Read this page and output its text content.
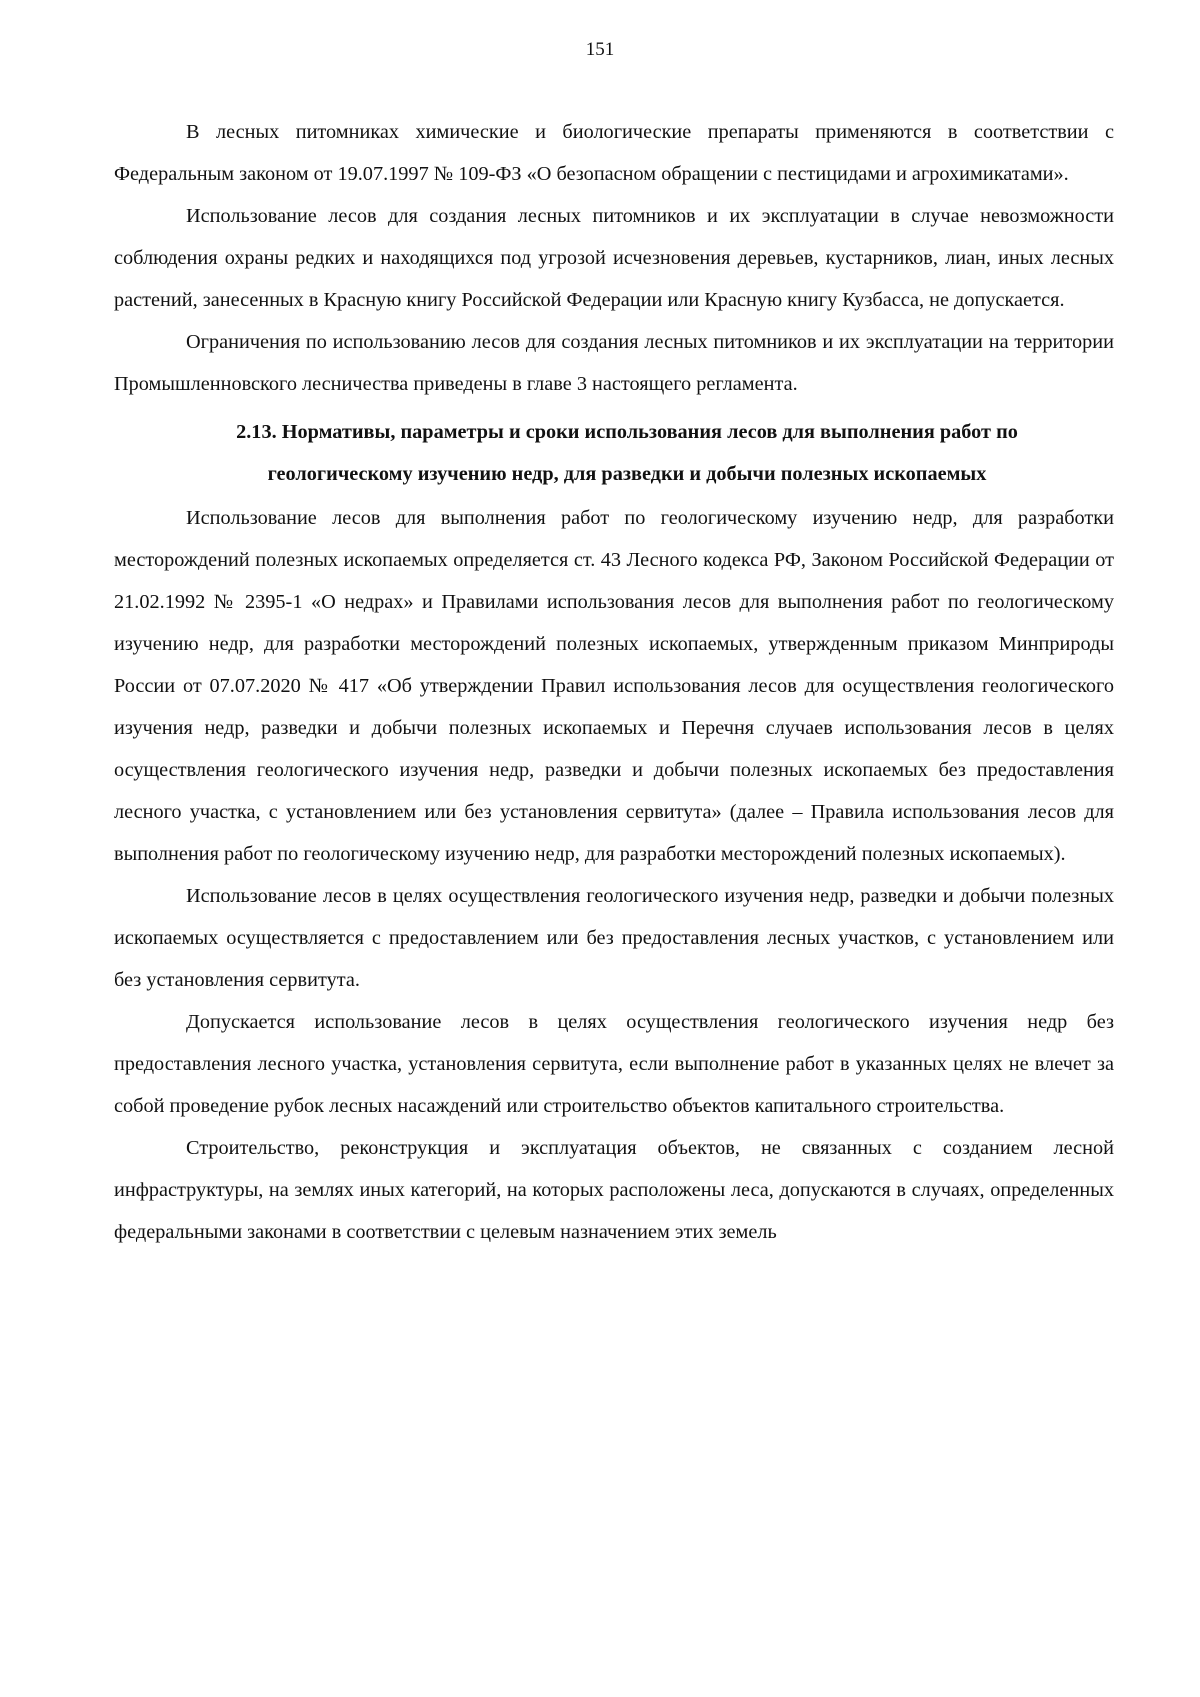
151

В лесных питомниках химические и биологические препараты применяются в соответствии с Федеральным законом от 19.07.1997 № 109-ФЗ «О безопасном обращении с пестицидами и агрохимикатами».

Использование лесов для создания лесных питомников и их эксплуатации в случае невозможности соблюдения охраны редких и находящихся под угрозой исчезновения деревьев, кустарников, лиан, иных лесных растений, занесенных в Красную книгу Российской Федерации или Красную книгу Кузбасса, не допускается.

Ограничения по использованию лесов для создания лесных питомников и их эксплуатации на территории Промышленновского лесничества приведены в главе 3 настоящего регламента.

2.13. Нормативы, параметры и сроки использования лесов для выполнения работ по геологическому изучению недр, для разведки и добычи полезных ископаемых

Использование лесов для выполнения работ по геологическому изучению недр, для разработки месторождений полезных ископаемых определяется ст. 43 Лесного кодекса РФ, Законом Российской Федерации от 21.02.1992 № 2395-1 «О недрах» и Правилами использования лесов для выполнения работ по геологическому изучению недр, для разработки месторождений полезных ископаемых, утвержденным приказом Минприроды России от 07.07.2020 № 417 «Об утверждении Правил использования лесов для осуществления геологического изучения недр, разведки и добычи полезных ископаемых и Перечня случаев использования лесов в целях осуществления геологического изучения недр, разведки и добычи полезных ископаемых без предоставления лесного участка, с установлением или без установления сервитута» (далее – Правила использования лесов для выполнения работ по геологическому изучению недр, для разработки месторождений полезных ископаемых).

Использование лесов в целях осуществления геологического изучения недр, разведки и добычи полезных ископаемых осуществляется с предоставлением или без предоставления лесных участков, с установлением или без установления сервитута.

Допускается использование лесов в целях осуществления геологического изучения недр без предоставления лесного участка, установления сервитута, если выполнение работ в указанных целях не влечет за собой проведение рубок лесных насаждений или строительство объектов капитального строительства.

Строительство, реконструкция и эксплуатация объектов, не связанных с созданием лесной инфраструктуры, на землях иных категорий, на которых расположены леса, допускаются в случаях, определенных федеральными законами в соответствии с целевым назначением этих земель
